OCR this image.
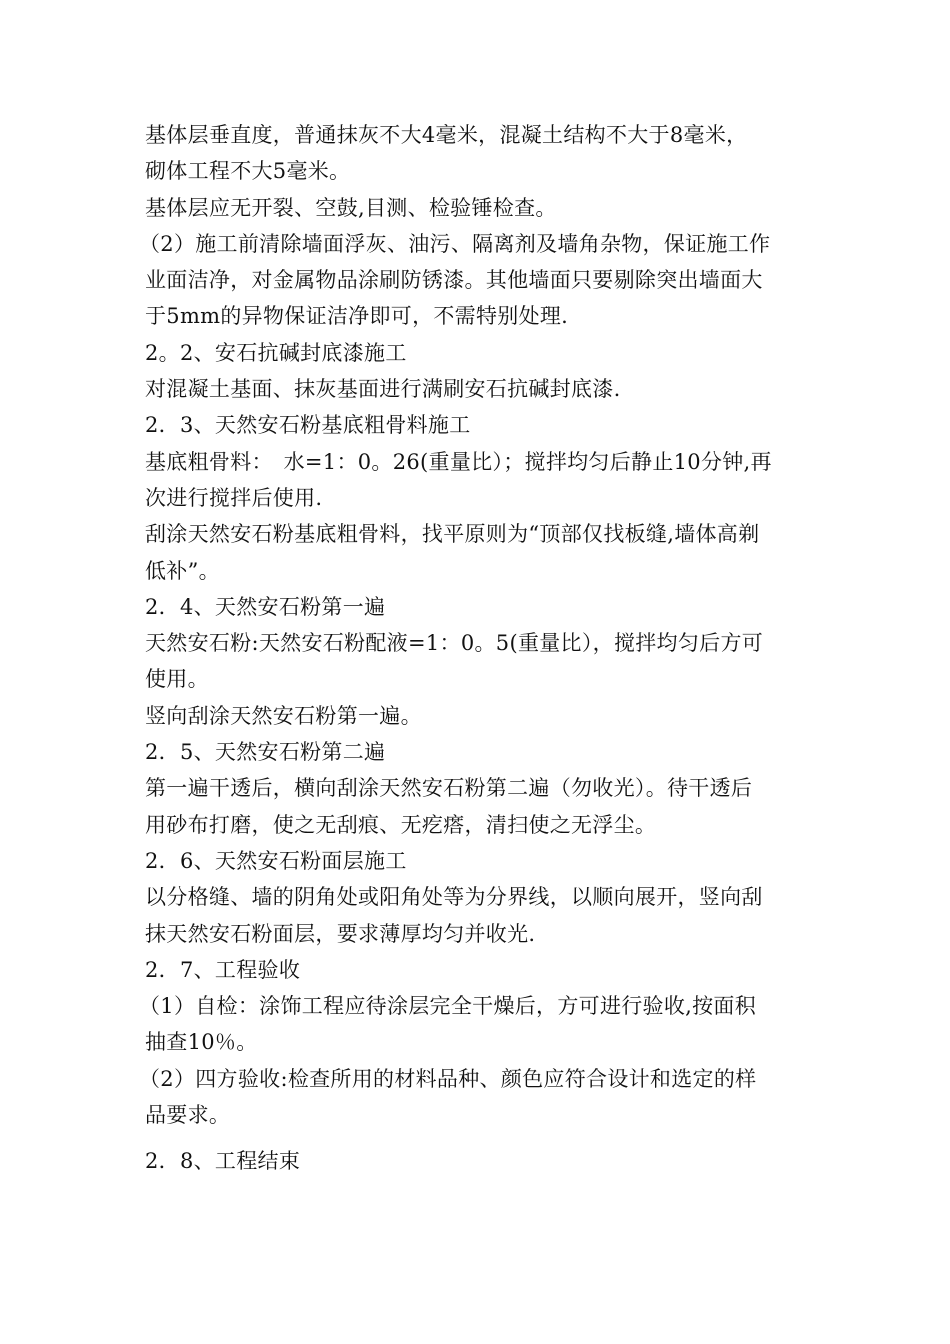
基体层垂直度，普通抹灰不大4毫米，混凝土结构不大于8毫米，
砌体工程不大5毫米。
基体层应无开裂、空鼓,目测、检验锤检查。
（2）施工前清除墙面浮灰、油污、隔离剂及墙角杂物，保证施工作
业面洁净，对金属物品涂刷防锈漆。其他墙面只要剔除突出墙面大
于5mm的异物保证洁净即可，不需特别处理.
2。2、安石抗碱封底漆施工
对混凝土基面、抹灰基面进行满刷安石抗碱封底漆.
2．3、天然安石粉基底粗骨料施工
基底粗骨料：　水=1：0。26(重量比）；搅拌均匀后静止10分钟,再
次进行搅拌后使用.
刮涂天然安石粉基底粗骨料，找平原则为“顶部仅找板缝,墙体高剃
低补”。
2．4、天然安石粉第一遍
天然安石粉:天然安石粉配液=1：0。5(重量比），搅拌均匀后方可
使用。
竖向刮涂天然安石粉第一遍。
2．5、天然安石粉第二遍
第一遍干透后，横向刮涂天然安石粉第二遍（勿收光）。待干透后
用砂布打磨，使之无刮痕、无疙瘩，清扫使之无浮尘。
2．6、天然安石粉面层施工
以分格缝、墙的阴角处或阳角处等为分界线，以顺向展开，竖向刮
抹天然安石粉面层，要求薄厚均匀并收光.
2．7、工程验收
（1）自检：涂饰工程应待涂层完全干燥后，方可进行验收,按面积
抽查10％。
（2）四方验收:检查所用的材料品种、颜色应符合设计和选定的样
品要求。
2．8、工程结束
